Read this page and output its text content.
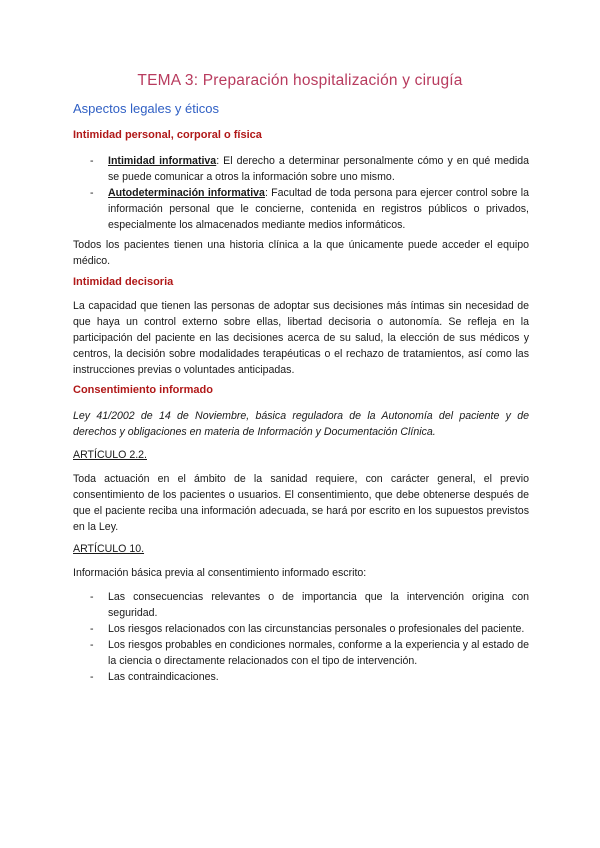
TEMA 3: Preparación hospitalización y cirugía
Aspectos legales y éticos
Intimidad personal, corporal o física
- Intimidad informativa: El derecho a determinar personalmente cómo y en qué medida se puede comunicar a otros la información sobre uno mismo.
- Autodeterminación informativa: Facultad de toda persona para ejercer control sobre la información personal que le concierne, contenida en registros públicos o privados, especialmente los almacenados mediante medios informáticos.
Todos los pacientes tienen una historia clínica a la que únicamente puede acceder el equipo médico.
Intimidad decisoria
La capacidad que tienen las personas de adoptar sus decisiones más íntimas sin necesidad de que haya un control externo sobre ellas, libertad decisoria o autonomía. Se refleja en la participación del paciente en las decisiones acerca de su salud, la elección de sus médicos y centros, la decisión sobre modalidades terapéuticas o el rechazo de tratamientos, así como las instrucciones previas o voluntades anticipadas.
Consentimiento informado
Ley 41/2002 de 14 de Noviembre, básica reguladora de la Autonomía del paciente y de derechos y obligaciones en materia de Información y Documentación Clínica.
ARTÍCULO 2.2.
Toda actuación en el ámbito de la sanidad requiere, con carácter general, el previo consentimiento de los pacientes o usuarios. El consentimiento, que debe obtenerse después de que el paciente reciba una información adecuada, se hará por escrito en los supuestos previstos en la Ley.
ARTÍCULO 10.
Información básica previa al consentimiento informado escrito:
- Las consecuencias relevantes o de importancia que la intervención origina con seguridad.
- Los riesgos relacionados con las circunstancias personales o profesionales del paciente.
- Los riesgos probables en condiciones normales, conforme a la experiencia y al estado de la ciencia o directamente relacionados con el tipo de intervención.
- Las contraindicaciones.
